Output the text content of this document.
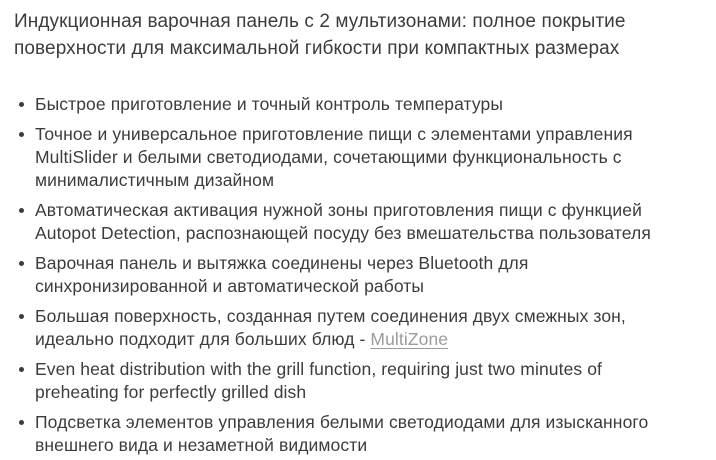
Индукционная варочная панель с 2 мультизонами: полное покрытие поверхности для максимальной гибкости при компактных размерах
Быстрое приготовление и точный контроль температуры
Точное и универсальное приготовление пищи с элементами управления MultiSlider и белыми светодиодами, сочетающими функциональность с минималистичным дизайном
Автоматическая активация нужной зоны приготовления пищи с функцией Autopot Detection, распознающей посуду без вмешательства пользователя
Варочная панель и вытяжка соединены через Bluetooth для синхронизированной и автоматической работы
Большая поверхность, созданная путем соединения двух смежных зон, идеально подходит для больших блюд - MultiZone
Even heat distribution with the grill function, requiring just two minutes of preheating for perfectly grilled dish
Подсветка элементов управления белыми светодиодами для изысканного внешнего вида и незаметной видимости
